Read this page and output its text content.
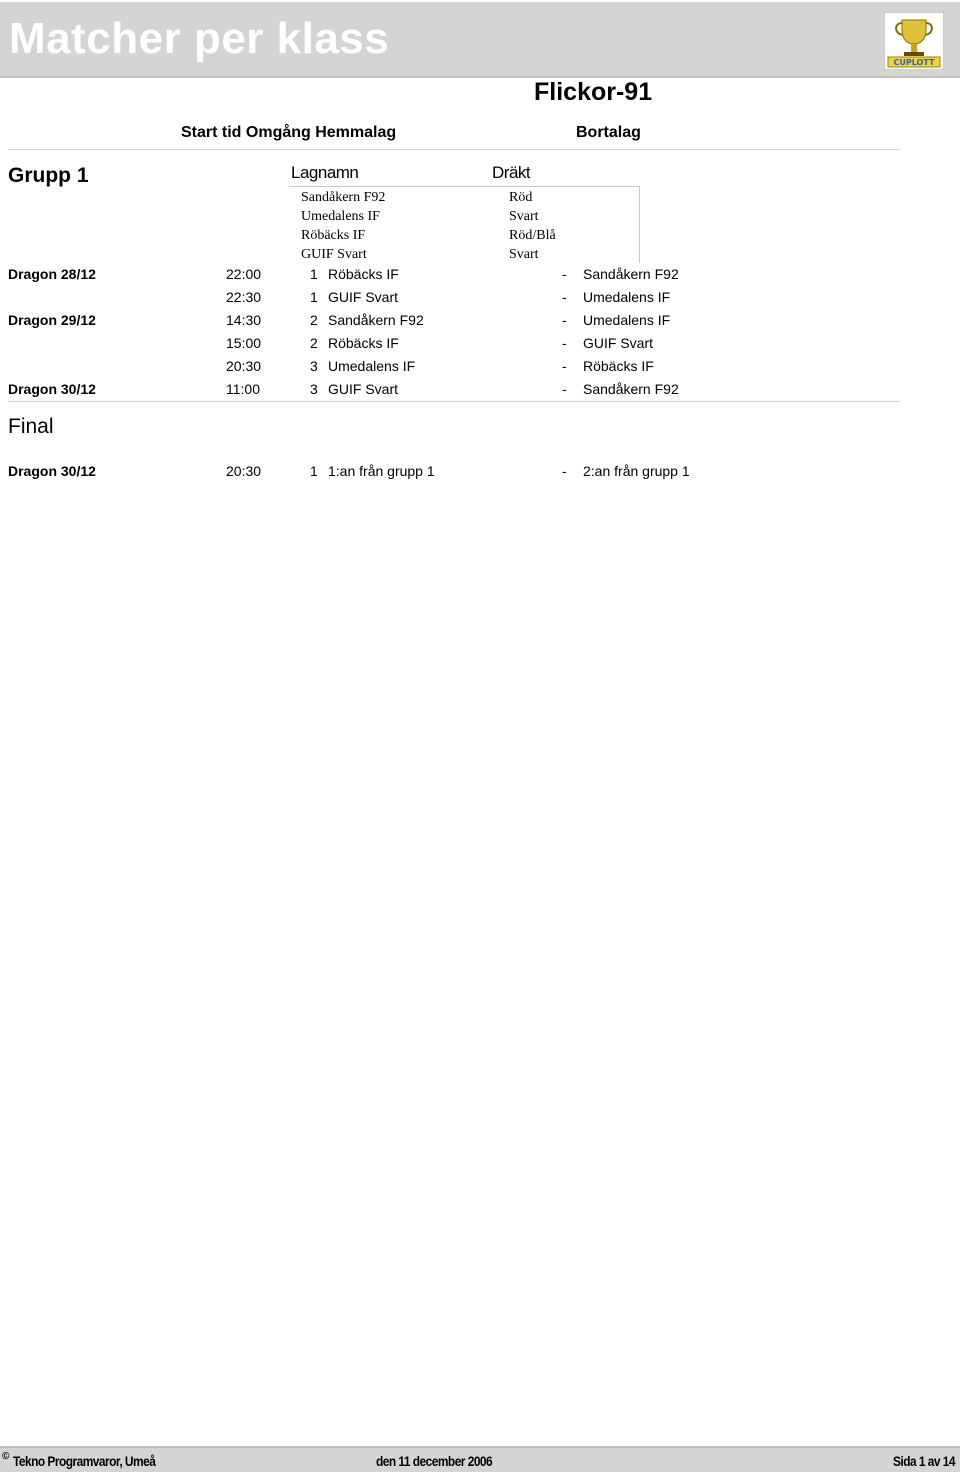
Matcher per klass	CUPLOTT
Flickor-91
Start tid Omgång Hemmalag	Bortalag
Grupp 1	Lagnamn	Dräkt
Sandåkern F92	Röd
Umedalens IF	Svart
Röbäcks IF	Röd/Blå
GUIF Svart	Svart
Dragon 28/12	22:00	1 Röbäcks IF	- Sandåkern F92
22:30	1 GUIF Svart	- Umedalens IF
Dragon 29/12	14:30	2 Sandåkern F92	- Umedalens IF
15:00	2 Röbäcks IF	- GUIF Svart
20:30	3 Umedalens IF	- Röbäcks IF
Dragon 30/12	11:00	3 GUIF Svart	- Sandåkern F92
Final
Dragon 30/12	20:30	1 1:an från grupp 1	- 2:an från grupp 1
© Tekno Programvaror, Umeå	den 11 december 2006	Sida 1 av 14
